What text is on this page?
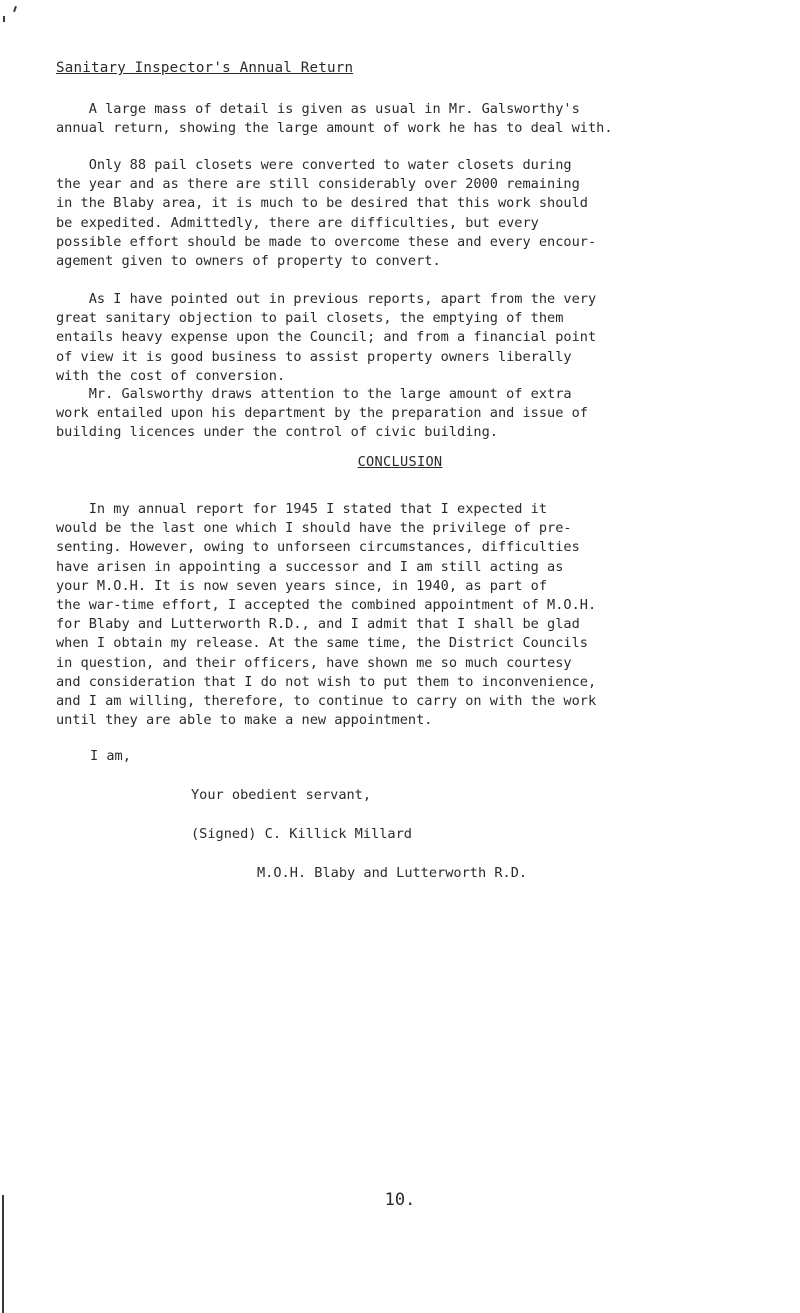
Sanitary Inspector's Annual Return
A large mass of detail is given as usual in Mr. Galsworthy's
annual return, showing the large amount of work he has to deal with.
Only 88 pail closets were converted to water closets during
the year and as there are still considerably over 2000 remaining
in the Blaby area, it is much to be desired that this work should
be expedited. Admittedly, there are difficulties, but every
possible effort should be made to overcome these and every encour-
agement given to owners of property to convert.
As I have pointed out in previous reports, apart from the very
great sanitary objection to pail closets, the emptying of them
entails heavy expense upon the Council; and from a financial point
of view it is good business to assist property owners liberally
with the cost of conversion.
Mr. Galsworthy draws attention to the large amount of extra
work entailed upon his department by the preparation and issue of
building licences under the control of civic building.
CONCLUSION
In my annual report for 1945 I stated that I expected it
would be the last one which I should have the privilege of pre-
senting. However, owing to unforseen circumstances, difficulties
have arisen in appointing a successor and I am still acting as
your M.O.H. It is now seven years since, in 1940, as part of
the war-time effort, I accepted the combined appointment of M.O.H.
for Blaby and Lutterworth R.D., and I admit that I shall be glad
when I obtain my release. At the same time, the District Councils
in question, and their officers, have shown me so much courtesy
and consideration that I do not wish to put them to inconvenience,
and I am willing, therefore, to continue to carry on with the work
until they are able to make a new appointment.
I am,
Your obedient servant,
(Signed) C. Killick Millard
M.O.H. Blaby and Lutterworth R.D.
10.
